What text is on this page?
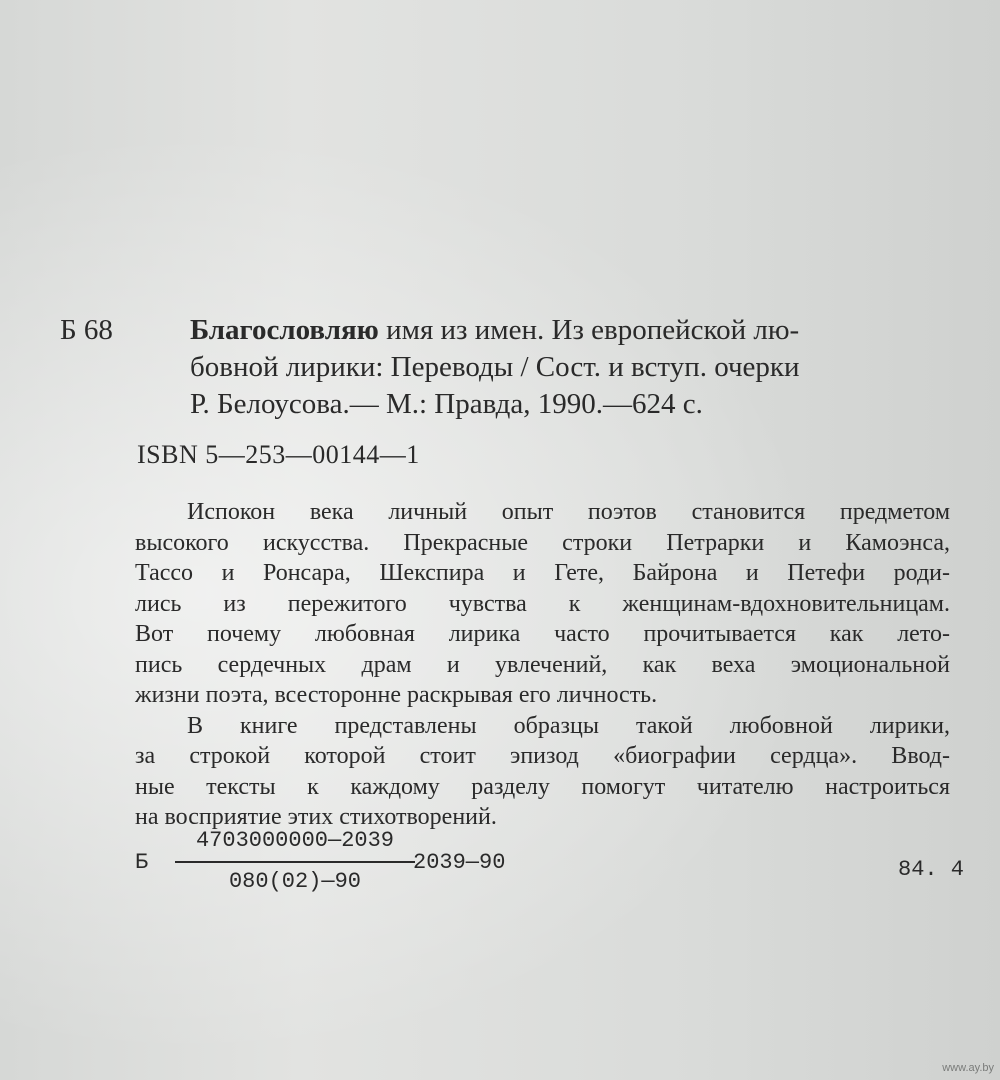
Б 68	Благословляю имя из имен. Из европейской лю-
бовной лирики: Переводы / Сост. и вступ. очерки
Р. Белоусова.— М.: Правда, 1990.—624 с.
ISBN 5—253—00144—1

Испокон века личный опыт поэтов становится предметом
высокого искусства. Прекрасные строки Петрарки и Камоэнса,
Тассо и Ронсара, Шекспира и Гете, Байрона и Петефи роди-
лись из пережитого чувства к женщинам-вдохновительницам.
Вот почему любовная лирика часто прочитывается как лето-
пись сердечных драм и увлечений, как веха эмоциональной
жизни поэта, всесторонне раскрывая его личность.

В книге представлены образцы такой любовной лирики,
за строкой которой стоит эпизод «биографии сердца». Ввод-
ные тексты к каждому разделу помогут читателю настроиться
на восприятие этих стихотворений.

Б
4703000000—2039
080(02)—90
2039—90	84. 4
www.ay.by
